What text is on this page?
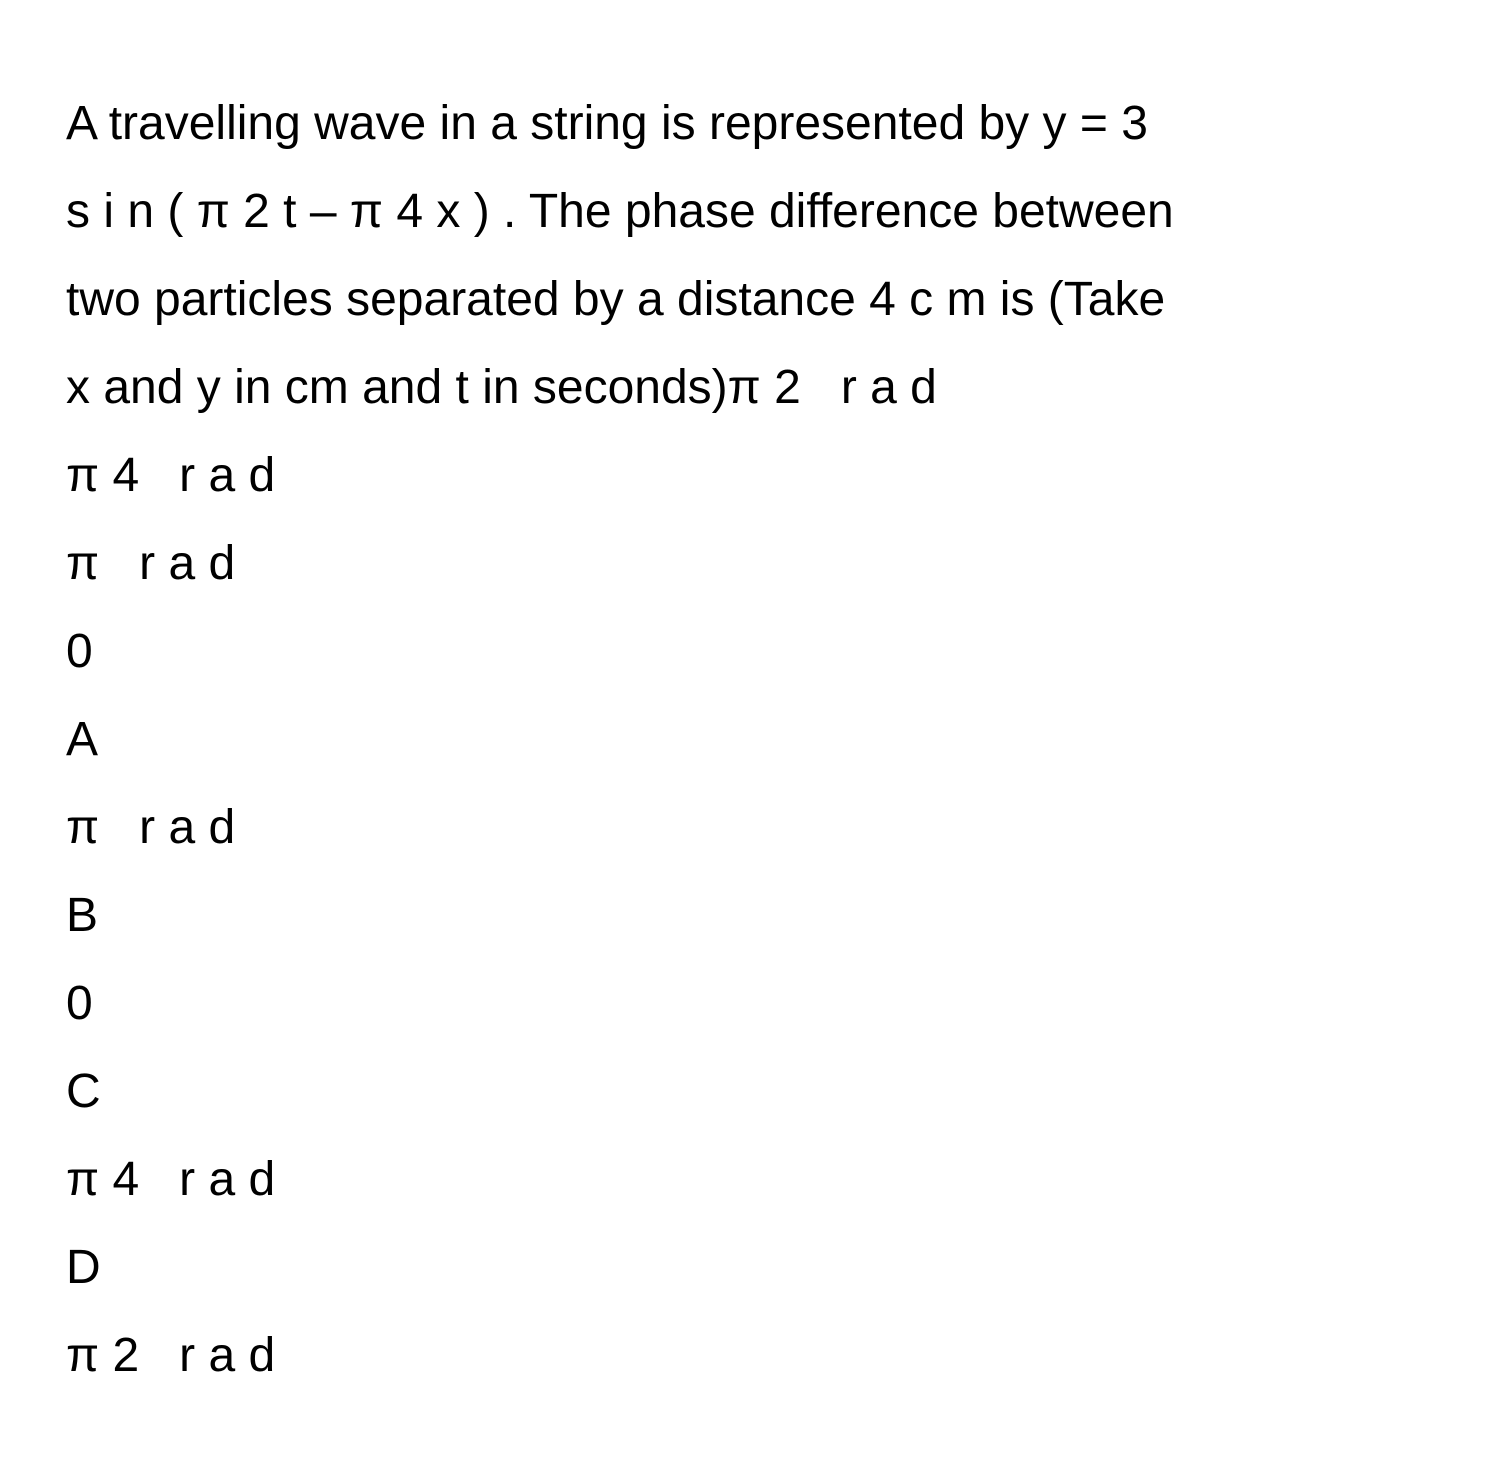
A travelling wave in a string is represented by y = 3
s i n ( π 2 t – π 4 x ) . The phase difference between
two particles separated by a distance 4 c m is (Take
x and y in cm and t in seconds)π 2   r a d
π 4   r a d
π   r a d
0
A
π   r a d
B
0
C
π 4   r a d
D
π 2   r a d
